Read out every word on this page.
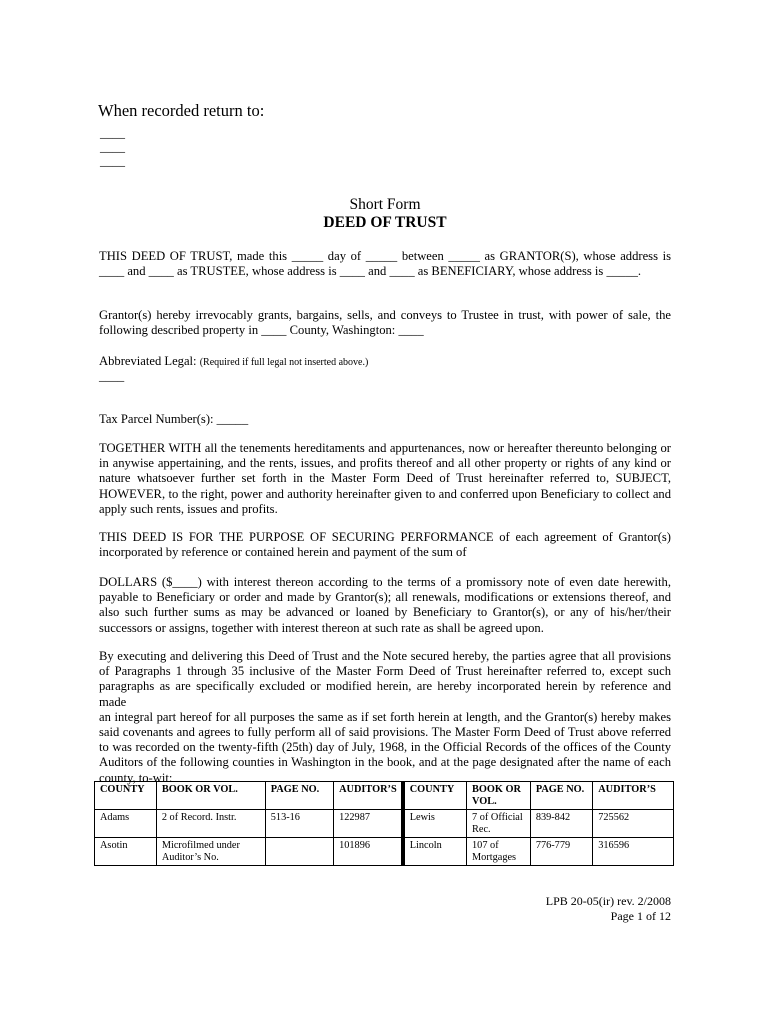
When recorded return to:
____
____
____
Short Form
DEED OF TRUST
THIS DEED OF TRUST, made this _____ day of _____ between _____ as GRANTOR(S), whose address is
____ and ____ as TRUSTEE, whose address is ____ and ____ as BENEFICIARY, whose address is _____.
Grantor(s) hereby irrevocably grants, bargains, sells, and conveys to Trustee in trust, with power of sale, the
following described property in ____ County, Washington: ____
Abbreviated Legal: (Required if full legal not inserted above.)
____
Tax Parcel Number(s): _____
TOGETHER WITH all the tenements hereditaments and appurtenances, now or hereafter thereunto belonging or
in anywise appertaining, and the rents, issues, and profits thereof and all other property or rights of any kind or
nature whatsoever further set forth in the Master Form Deed of Trust hereinafter referred to, SUBJECT,
HOWEVER, to the right, power and authority hereinafter given to and conferred upon Beneficiary to collect and
apply such rents, issues and profits.
THIS DEED IS FOR THE PURPOSE OF SECURING PERFORMANCE of each agreement of Grantor(s)
incorporated by reference or contained herein and payment of the sum of
DOLLARS ($____) with interest thereon according to the terms of a promissory note of even date herewith,
payable to Beneficiary or order and made by Grantor(s); all renewals, modifications or extensions thereof, and
also such further sums as may be advanced or loaned by Beneficiary to Grantor(s), or any of his/her/their
successors or assigns, together with interest thereon at such rate as shall be agreed upon.
By executing and delivering this Deed of Trust and the Note secured hereby, the parties agree that all provisions
of Paragraphs 1 through 35 inclusive of the Master Form Deed of Trust hereinafter referred to, except such
paragraphs as are specifically excluded or modified herein, are hereby incorporated herein by reference and made
an integral part hereof for all purposes the same as if set forth herein at length, and the Grantor(s) hereby makes
said covenants and agrees to fully perform all of said provisions. The Master Form Deed of Trust above referred
to was recorded on the twenty-fifth (25th) day of July, 1968, in the Official Records of the offices of the County
Auditors of the following counties in Washington in the book, and at the page designated after the name of each
county, to-wit:
COUNTY	BOOK OR VOL.	PAGE NO.	AUDITOR’S	COUNTY	BOOK OR VOL.	PAGE NO.	AUDITOR’S
Adams	2 of Record. Instr.	513-16	122987	Lewis	7 of Official Rec.	839-842	725562
Asotin	Microfilmed under Auditor’s No.		101896	Lincoln	107 of Mortgages	776-779	316596
LPB 20-05(ir) rev. 2/2008
Page 1 of 12
